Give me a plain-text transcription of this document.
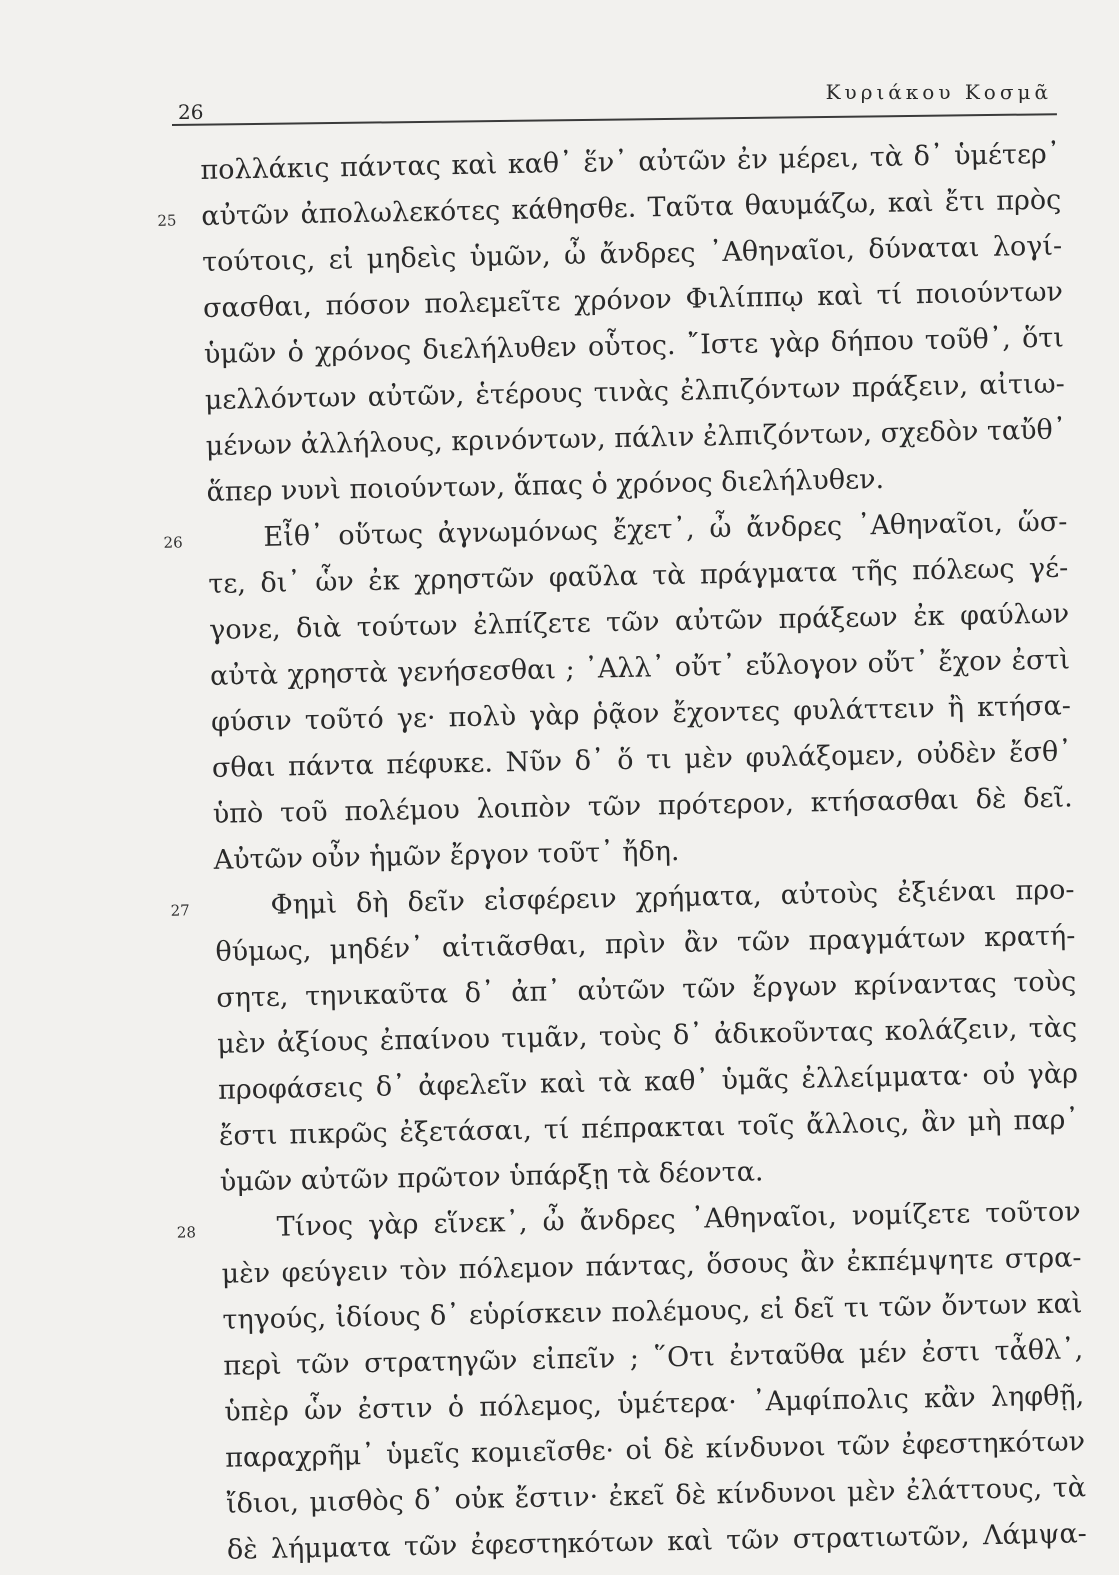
26
Κυριάκου Κοσμᾶ
πολλάκις πάντας καὶ καθ᾽ ἕν᾽ αὐτῶν ἐν μέρει, τὰ δ᾽ ὑμέτερ᾽
25 αὐτῶν ἀπολωλεκότες κάθησθε. Ταῦτα θαυμάζω, καὶ ἔτι πρὸς
τούτοις, εἰ μηδεὶς ὑμῶν, ὦ ἄνδρες ᾿Αθηναῖοι, δύναται λογί-
σασθαι, πόσον πολεμεῖτε χρόνον Φιλίππῳ καὶ τί ποιούντων
ὑμῶν ὁ χρόνος διελήλυθεν οὗτος. ῎Ιστε γὰρ δήπου τοῦθ᾽, ὅτι
μελλόντων αὐτῶν, ἑτέρους τινὰς ἐλπιζόντων πράξειν, αἰτιω-
μένων ἀλλήλους, κρινόντων, πάλιν ἐλπιζόντων, σχεδὸν ταὔθ᾽
ἅπερ νυνὶ ποιούντων, ἅπας ὁ χρόνος διελήλυθεν.
26	Εἶθ᾽ οὕτως ἀγνωμόνως ἔχετ᾽, ὦ ἄνδρες ᾿Αθηναῖοι, ὥσ-
τε, δι᾽ ὧν ἐκ χρηστῶν φαῦλα τὰ πράγματα τῆς πόλεως γέ-
γονε, διὰ τούτων ἐλπίζετε τῶν αὐτῶν πράξεων ἐκ φαύλων
αὐτὰ χρηστὰ γενήσεσθαι ; ᾿Αλλ᾽ οὔτ᾽ εὔλογον οὔτ᾽ ἔχον ἐστὶ
φύσιν τοῦτό γε· πολὺ γὰρ ῥᾷον ἔχοντες φυλάττειν ἢ κτήσα-
σθαι πάντα πέφυκε. Νῦν δ᾽ ὅ τι μὲν φυλάξομεν, οὐδὲν ἔσθ᾽
ὑπὸ τοῦ πολέμου λοιπὸν τῶν πρότερον, κτήσασθαι δὲ δεῖ.
Αὐτῶν οὖν ἡμῶν ἔργον τοῦτ᾽ ἤδη.
27	Φημὶ δὴ δεῖν εἰσφέρειν χρήματα, αὐτοὺς ἐξιέναι προ-
θύμως, μηδέν᾽ αἰτιᾶσθαι, πρὶν ἂν τῶν πραγμάτων κρατή-
σητε, τηνικαῦτα δ᾽ ἀπ᾽ αὐτῶν τῶν ἔργων κρίναντας τοὺς
μὲν ἀξίους ἐπαίνου τιμᾶν, τοὺς δ᾽ ἀδικοῦντας κολάζειν, τὰς
προφάσεις δ᾽ ἀφελεῖν καὶ τὰ καθ᾽ ὑμᾶς ἐλλείμματα· οὐ γὰρ
ἔστι πικρῶς ἐξετάσαι, τί πέπρακται τοῖς ἄλλοις, ἂν μὴ παρ᾽
ὑμῶν αὐτῶν πρῶτον ὑπάρξῃ τὰ δέοντα.
28	Τίνος γὰρ εἵνεκ᾽, ὦ ἄνδρες ᾿Αθηναῖοι, νομίζετε τοῦτον
μὲν φεύγειν τὸν πόλεμον πάντας, ὅσους ἂν ἐκπέμψητε στρα-
τηγούς, ἰδίους δ᾽ εὑρίσκειν πολέμους, εἰ δεῖ τι τῶν ὄντων καὶ
περὶ τῶν στρατηγῶν εἰπεῖν ; ῞Οτι ἐνταῦθα μέν ἐστι τἆθλ᾽,
ὑπὲρ ὧν ἐστιν ὁ πόλεμος, ὑμέτερα· ᾿Αμφίπολις κἂν ληφθῇ,
παραχρῆμ᾽ ὑμεῖς κομιεῖσθε· οἱ δὲ κίνδυνοι τῶν ἐφεστηκότων
ἴδιοι, μισθὸς δ᾽ οὐκ ἔστιν· ἐκεῖ δὲ κίνδυνοι μὲν ἐλάττους, τὰ
δὲ λήμματα τῶν ἐφεστηκότων καὶ τῶν στρατιωτῶν, Λάμψα-
